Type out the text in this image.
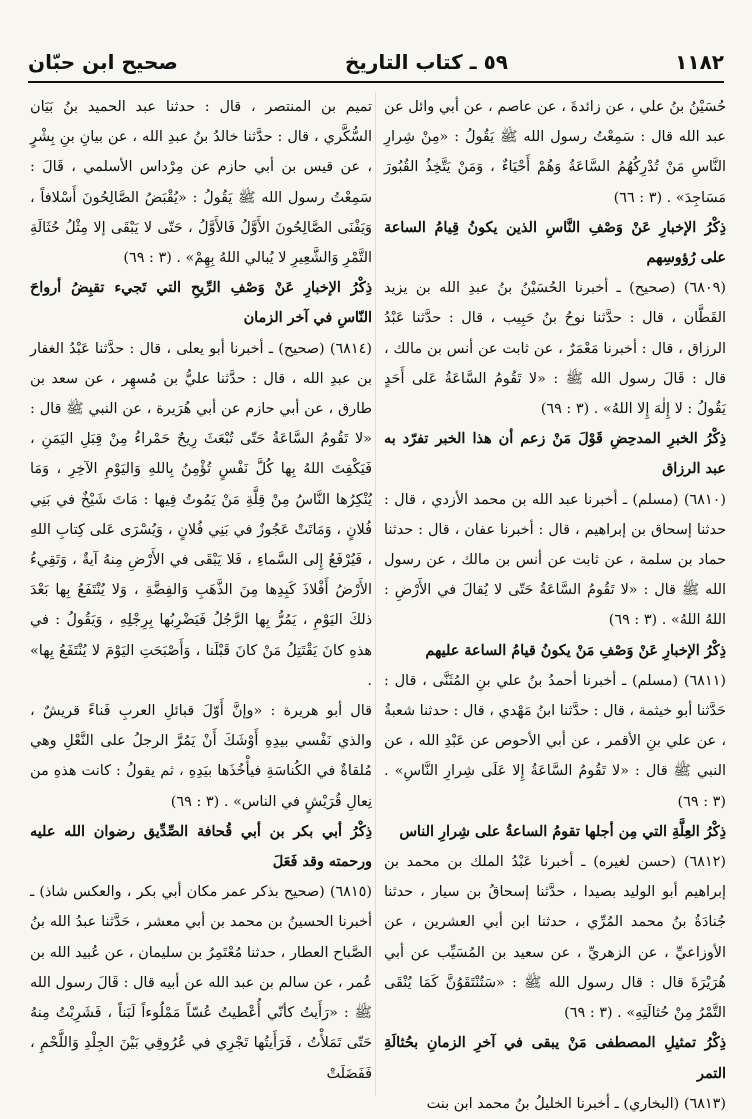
١١٨٢
٥٩ ـ كتاب التاريخ
صحيح ابن حبّان

حُسَيْنُ بنُ علي ، عن زائدةَ ، عن عاصم ، عن أبي وائل عن عبد الله قال : سَمِعْتُ رسول الله ﷺ يَقُولُ : «مِنْ شِرارِ النَّاسِ مَنْ تُدْرِكُهُمُ السَّاعَةُ وَهُمْ أَحْيَاءٌ ، وَمَنْ يَتَّخِذُ القُبُورَ مَسَاجِدَ» . (٣ : ٦٦)

ذِكْرُ الإخبارِ عَنْ وَصْفِ النَّاسِ الذين يكونُ قِيامُ الساعة على رُؤوسِهم

(٦٨٠٩) (صحيح) ـ أخبرنا الحُسَيْنُ بنُ عبدِ الله بن يزيد القَطَّان ، قال : حدَّثنا نوحُ بنُ حَبِيب ، قال : حدَّثنا عَبْدُ الرزاق ، قال : أخبرنا مَعْمَرٌ ، عن ثابت عن أنس بن مالك ، قال : قَالَ رسول الله ﷺ : «لا تَقُومُ السَّاعَةُ عَلى أَحَدٍ يَقُولُ : لا إِلٰهَ إِلا اللهُ» . (٣ : ٦٩)

ذِكْرُ الخبرِ المدحِضِ قَوْلَ مَنْ زعم أن هذا الخبر تفرّد به عبد الرزاق

(٦٨١٠) (مسلم) ـ أخبرنا عبد الله بن محمد الأزدي ، قال : حدثنا إسحاق بن إبراهيم ، قال : أخبرنا عفان ، قال : حدثنا حماد بن سلمة ، عن ثابت عن أنس بن مالك ، عن رسول الله ﷺ قال : «لا تَقُومُ السَّاعَةُ حَتّى لا يُقالَ في الأَرْضِ : اللهُ اللهُ» . (٣ : ٦٩)

ذِكْرُ الإخبارِ عَنْ وَصْفِ مَنْ يكونُ قيامُ الساعة عليهم

(٦٨١١) (مسلم) ـ أخبرنا أحمدُ بنُ علي بنِ المُثَنَّى ، قال : حَدَّثنا أبو خيثمة ، قال : حدَّثنا ابنُ مَهْدي ، قال : حدثنا شعبةُ ، عن علي بنِ الأقمر ، عن أبي الأحوص عن عَبْدِ الله ، عن النبي ﷺ قال : «لا تَقُومُ السَّاعَةُ إِلا عَلَى شِرارِ النَّاسِ» . (٣ : ٦٩)

ذِكْرُ العِلَّةِ التي مِن أجلها تقومُ الساعةُ على شِرارِ الناس

(٦٨١٢) (حسن لغيره) ـ أخبرنا عَبْدُ الملك بن محمد بن إبراهيم أبو الوليد بصيدا ، حدَّثنا إسحاقُ بن سيار ، حدثنا جُنادَةُ بنُ محمد المُرِّي ، حدثنا ابن أبي العشرين ، عن الأوزاعيِّ ، عن الزهريِّ ، عن سعيد بن المُسَيِّب عن أبي هُرَيْرَةَ قال : قال رسول الله ﷺ : «سَتُنْتَقَوُنَّ كَمَا يُنْقَى التَّمْرُ مِنْ حُثالَتِهِ» . (٣ : ٦٩)

ذِكْرُ تمثيلِ المصطفى مَنْ يبقى في آخرِ الزمانِ بحُثالَةِ التمر

(٦٨١٣) (البخاري) ـ أخبرنا الخليلُ بنُ محمد ابن بنت

تميم بن المنتصر ، قال : حدثنا عبد الحميد بنُ بَيَان السُّكَّري ، قال : حدَّثنا خالدُ بنُ عبدِ الله ، عن بيانِ بنِ بِشْرٍ ، عن قيس بن أبي حازم عن مِرْداس الأسلمي ، قَالَ : سَمِعْتُ رسول الله ﷺ يَقُولُ : «يُقْبَضُ الصَّالِحُونَ أَسْلافاً ، وَيَفْنَى الصَّالِحُونَ الأَوَّلُ فَالأَوَّلُ ، حَتّى لا يَبْقَى إلا مِثْلُ حُثَالَةِ التَّمْرِ وَالشَّعِيرِ لا يُبالي اللهُ بِهِمْ» . (٣ : ٦٩)

ذِكْرُ الإخبارِ عَنْ وَصْفِ الرِّيحِ التي تَجيء تقبِضُ أرواحَ النّاسِ في آخر الزمان

(٦٨١٤) (صحيح) ـ أخبرنا أبو يعلى ، قال : حدَّثنا عَبْدُ الغفار بن عبدِ الله ، قال : حدَّثنا عليُّ بن مُسهِر ، عن سعد بن طارق ، عن أبي حازم عن أبي هُرَيرة ، عن النبي ﷺ قال : «لا تَقُومُ السَّاعَةُ حَتّى تُبْعَثَ رِيحٌ حَمْراءُ مِنْ قِبَلِ اليَمَنِ ، فَيَكْفِتَ اللهُ بِها كُلَّ نَفْسٍ تُؤْمِنُ بِاللهِ وَاليَوْمِ الآخِرِ ، وَمَا يُنْكِرُها النَّاسُ مِنْ قِلَّةِ مَنْ يَمُوتُ فِيها : مَاتَ شَيْخٌ في بَنِي فُلانٍ ، وَمَاتَتْ عَجُوزٌ في بَنِي فُلانٍ ، وَيُسْرَى عَلى كِتابِ اللهِ ، فَيُرْفَعُ إِلى السَّماءِ ، فَلا يَبْقَى في الأَرْضِ مِنهُ آيةٌ ، وَتَقِيءُ الأَرْضُ أَفْلاذَ كَبِدِها مِنَ الذَّهَبِ وَالفِضَّةِ ، وَلا يُنْتَفَعُ بِها بَعْدَ ذلكَ اليَوْمِ ، يَمُرُّ بِها الرَّجُلُ فَيَضْرِبُها بِرِجْلِهِ ، وَيَقُولُ : في هذهِ كانَ يَقْتَتِلُ مَنْ كانَ قَبْلَنا ، وَأَصْبَحَتِ اليَوْمَ لا يُنْتَفَعُ بِها» .

قال أبو هريرة : «وإنَّ أَوّلَ قبائلِ العربِ فَناءً قريشٌ ، والذي نَفْسي بيدِهِ أَوْشَكَ أَنْ يَمُرَّ الرجلُ على النَّعْلِ وهي مُلقاةٌ في الكُناسَةِ فيأْخُذَها بيَدِهِ ، ثم يقولُ : كانت هذهِ من نِعالِ قُرَيْشٍ في الناس» . (٣ : ٦٩)

ذِكْرُ أبي بكر بن أبي قُحافة الصِّدِّيق رضوان الله عليه ورحمته وقد فَعَلَ

(٦٨١٥) (صحيح بذكر عمر مكان أبي بكر ، والعكس شاذ) ـ أخبرنا الحسينُ بن محمد بن أبي معشر ، حَدَّثنا عبدُ الله بنُ الصَّباح العطار ، حدثنا مُعْتَمِرُ بن سليمان ، عن عُبيد الله بن عُمر ، عن سالم بن عبد الله عن أبيه قال : قَالَ رسول الله ﷺ : «رَأَيتُ كأنّي أُعْطيتُ عُسّاً مَمْلُوءاً لَبَناً ، فَشَرِبْتُ مِنهُ حَتّى تَمَلأْتُ ، فَرَأَيتُها تَجْرِي في عُرُوقِي بَيْنَ الجِلْدِ وَاللَّحْمِ ، فَفَضَلَتْ
